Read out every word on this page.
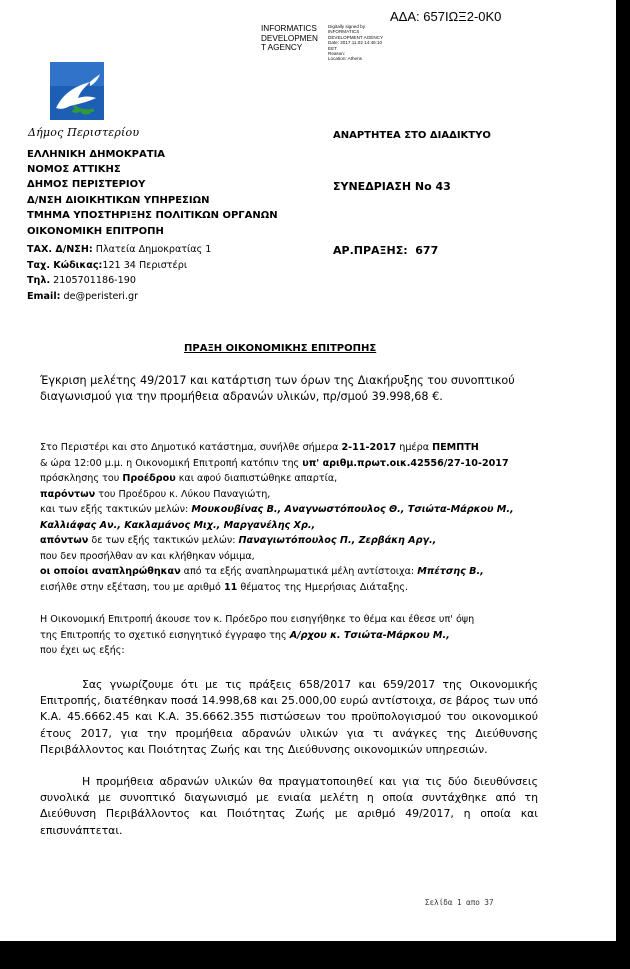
ΑΔΑ: 657ΙΩΞ2-0Κ0
INFORMATICS DEVELOPMEN T AGENCY
Digitally signed by
INFORMATICS
DEVELOPMENT AGENCY
Date: 2017.11.02 14:46:10
EET
Reason:
Location: Athens
Δήμος Περιστερίου
ΕΛΛΗΝΙΚΗ ΔΗΜΟΚΡΑΤΙΑ
ΝΟΜΟΣ ΑΤΤΙΚΗΣ
ΔΗΜΟΣ ΠΕΡΙΣΤΕΡΙΟΥ
Δ/ΝΣΗ ΔΙΟΙΚΗΤΙΚΩΝ ΥΠΗΡΕΣΙΩΝ
ΤΜΗΜΑ ΥΠΟΣΤΗΡΙΞΗΣ ΠΟΛΙΤΙΚΩΝ ΟΡΓΑΝΩΝ
ΟΙΚΟΝΟΜΙΚΗ ΕΠΙΤΡΟΠΗ
ΤΑΧ. Δ/ΝΣΗ: Πλατεία Δημοκρατίας 1
Ταχ. Κώδικας:121 34 Περιστέρι
Τηλ. 2105701186-190
Email: de@peristeri.gr
ΑΝΑΡΤΗΤΕΑ ΣΤΟ ΔΙΑΔΙΚΤΥΟ
ΣΥΝΕΔΡΙΑΣΗ Νο 43
ΑΡ.ΠΡΑΞΗΣ: 677
ΠΡΑΞΗ ΟΙΚΟΝΟΜΙΚΗΣ ΕΠΙΤΡΟΠΗΣ
Έγκριση μελέτης 49/2017 και κατάρτιση των όρων της Διακήρυξης του συνοπτικού
διαγωνισμού για την προμήθεια αδρανών υλικών, πρ/σμού 39.998,68 €.
Στο Περιστέρι και στο Δημοτικό κατάστημα, συνήλθε σήμερα 2-11-2017 ημέρα ΠΕΜΠΤΗ
& ώρα 12:00 μ.μ. η Οικονομική Επιτροπή κατόπιν της υπ' αριθμ.πρωτ.οικ.42556/27-10-2017
πρόσκλησης του Προέδρου και αφού διαπιστώθηκε απαρτία,
παρόντων του Προέδρου κ. Λύκου Παναγιώτη,
και των εξής τακτικών μελών: Μουκουβίνας Β., Αναγνωστόπουλος Θ., Τσιώτα-Μάρκου Μ.,
Καλλιάφας Αν., Κακλαμάνος Μιχ., Μαργανέλης Χρ.,
απόντων δε των εξής τακτικών μελών: Παναγιωτόπουλος Π., Ζερβάκη Αργ.,
που δεν προσήλθαν αν και κλήθηκαν νόμιμα,
οι οποίοι αναπληρώθηκαν από τα εξής αναπληρωματικά μέλη αντίστοιχα: Μπέτσης Β.,
εισήλθε στην εξέταση, του με αριθμό 11 θέματος της Ημερήσιας Διάταξης.
Η Οικονομική Επιτροπή άκουσε τον κ. Πρόεδρο που εισηγήθηκε το θέμα και έθεσε υπ' όψη
της Επιτροπής το σχετικό εισηγητικό έγγραφο της Α/ρχου κ. Τσιώτα-Μάρκου Μ.,
που έχει ως εξής:
Σας γνωρίζουμε ότι με τις πράξεις 658/2017 και 659/2017 της Οικονομικής Επιτροπής, διατέθηκαν ποσά 14.998,68 και 25.000,00 ευρώ αντίστοιχα, σε βάρος των υπό Κ.Α. 45.6662.45 και Κ.Α. 35.6662.355 πιστώσεων του προϋπολογισμού του οικονομικού έτους 2017, για την προμήθεια αδρανών υλικών για τι ανάγκες της Διεύθυνσης Περιβάλλοντος και Ποιότητας Ζωής και της Διεύθυνσης οικονομικών υπηρεσιών.
Η προμήθεια αδρανών υλικών θα πραγματοποιηθεί και για τις δύο διευθύνσεις συνολικά με συνοπτικό διαγωνισμό με ενιαία μελέτη η οποία συντάχθηκε από τη Διεύθυνση Περιβάλλοντος και Ποιότητας Ζωής με αριθμό 49/2017, η οποία και επισυνάπτεται.
Σελίδα 1 απο 37
